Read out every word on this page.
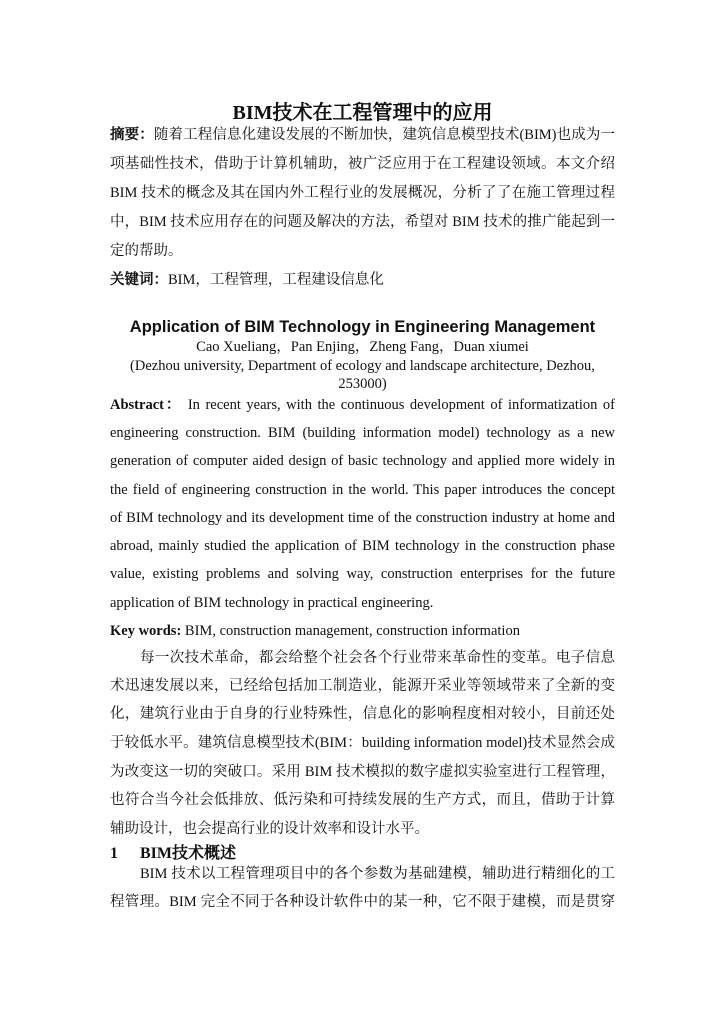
BIM技术在工程管理中的应用
摘要：随着工程信息化建设发展的不断加快，建筑信息模型技术(BIM)也成为一
项基础性技术，借助于计算机辅助，被广泛应用于在工程建设领域。本文介绍
BIM 技术的概念及其在国内外工程行业的发展概况，分析了了在施工管理过程
中，BIM 技术应用存在的问题及解决的方法，希望对 BIM 技术的推广能起到一
定的帮助。
关键词：BIM，工程管理，工程建设信息化
Application of BIM Technology in Engineering Management
Cao Xueliang，Pan Enjing，Zheng Fang，Duan xiumei
(Dezhou university, Department of ecology and landscape architecture, Dezhou,
253000)
Abstract： In recent years, with the continuous development of informatization of
engineering construction. BIM (building information model) technology as a new
generation of computer aided design of basic technology and applied more widely in
the field of engineering construction in the world. This paper introduces the concept
of BIM technology and its development time of the construction industry at home and
abroad, mainly studied the application of BIM technology in the construction phase
value, existing problems and solving way, construction enterprises for the future
application of BIM technology in practical engineering.
Key words: BIM, construction management, construction information
每一次技术革命，都会给整个社会各个行业带来革命性的变革。电子信息
术迅速发展以来，已经给包括加工制造业，能源开采业等领域带来了全新的变
化，建筑行业由于自身的行业特殊性，信息化的影响程度相对较小，目前还处
于较低水平。建筑信息模型技术(BIM：building information model)技术显然会成
为改变这一切的突破口。采用 BIM 技术模拟的数字虚拟实验室进行工程管理，
也符合当今社会低排放、低污染和可持续发展的生产方式，而且，借助于计算
辅助设计，也会提高行业的设计效率和设计水平。
1 BIM技术概述
BIM 技术以工程管理项目中的各个参数为基础建模，辅助进行精细化的工
程管理。BIM 完全不同于各种设计软件中的某一种，它不限于建模，而是贯穿
